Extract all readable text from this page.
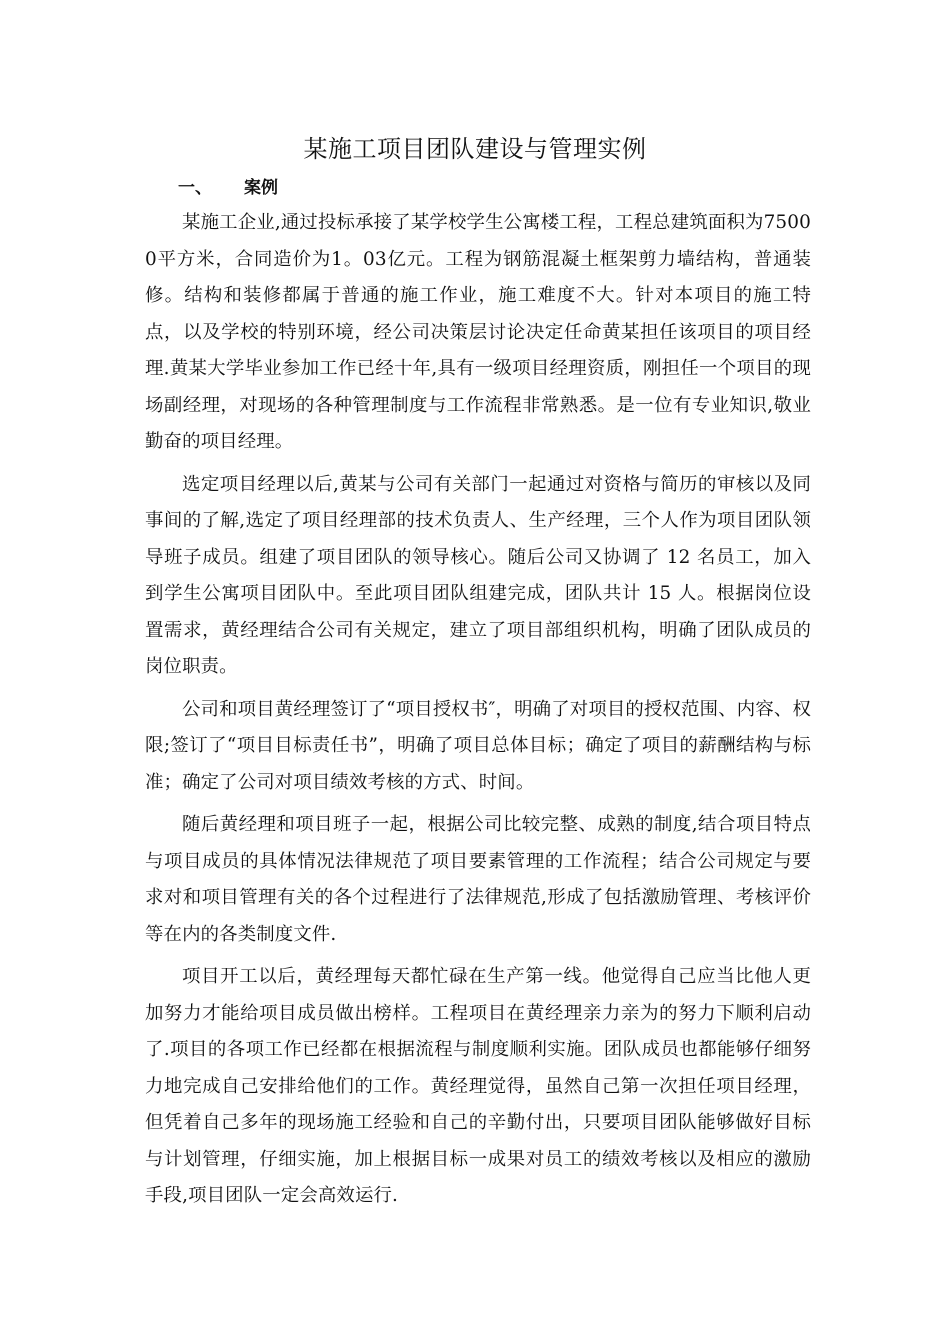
某施工项目团队建设与管理实例
一、 案例

某施工企业,通过投标承接了某学校学生公寓楼工程，工程总建筑面积为75000平方米，合同造价为1。03亿元。工程为钢筋混凝土框架剪力墙结构，普通装修。结构和装修都属于普通的施工作业，施工难度不大。针对本项目的施工特点，以及学校的特别环境，经公司决策层讨论决定任命黄某担任该项目的项目经理.黄某大学毕业参加工作已经十年,具有一级项目经理资质，刚担任一个项目的现场副经理，对现场的各种管理制度与工作流程非常熟悉。是一位有专业知识,敬业勤奋的项目经理。

选定项目经理以后,黄某与公司有关部门一起通过对资格与简历的审核以及同事间的了解,选定了项目经理部的技术负责人、生产经理，三个人作为项目团队领导班子成员。组建了项目团队的领导核心。随后公司又协调了 12 名员工，加入到学生公寓项目团队中。至此项目团队组建完成，团队共计 15 人。根据岗位设置需求，黄经理结合公司有关规定，建立了项目部组织机构，明确了团队成员的岗位职责。

公司和项目黄经理签订了“项目授权书″，明确了对项目的授权范围、内容、权限;签订了“项目目标责任书”，明确了项目总体目标；确定了项目的薪酬结构与标准；确定了公司对项目绩效考核的方式、时间。

随后黄经理和项目班子一起，根据公司比较完整、成熟的制度,结合项目特点与项目成员的具体情况法律规范了项目要素管理的工作流程；结合公司规定与要求对和项目管理有关的各个过程进行了法律规范,形成了包括激励管理、考核评价等在内的各类制度文件.

项目开工以后，黄经理每天都忙碌在生产第一线。他觉得自己应当比他人更加努力才能给项目成员做出榜样。工程项目在黄经理亲力亲为的努力下顺利启动了.项目的各项工作已经都在根据流程与制度顺利实施。团队成员也都能够仔细努力地完成自己安排给他们的工作。黄经理觉得，虽然自己第一次担任项目经理，但凭着自己多年的现场施工经验和自己的辛勤付出，只要项目团队能够做好目标与计划管理，仔细实施，加上根据目标一成果对员工的绩效考核以及相应的激励手段,项目团队一定会高效运行.
